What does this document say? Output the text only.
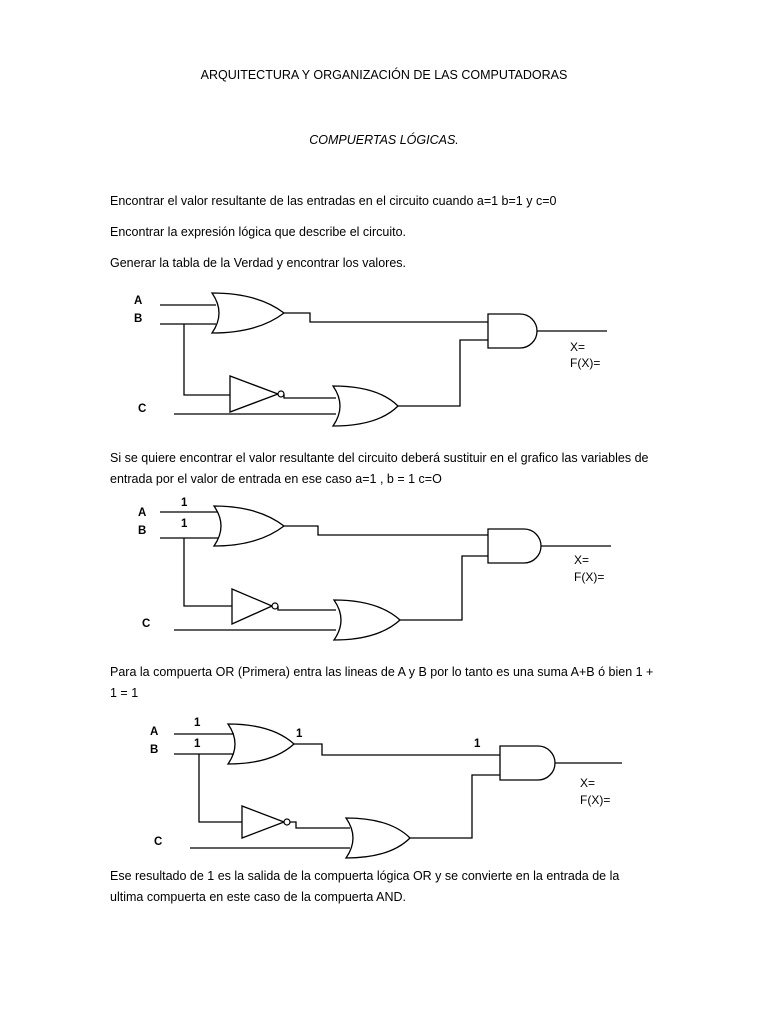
ARQUITECTURA Y ORGANIZACIÓN DE LAS COMPUTADORAS
COMPUERTAS LÓGICAS.
Encontrar el valor resultante de las entradas en el circuito cuando a=1 b=1 y c=0
Encontrar la expresión lógica que describe el circuito.
Generar la tabla de la Verdad y encontrar los valores.
A
B
C
X=
F(X)=
Si se quiere encontrar el valor resultante del circuito deberá sustituir en el grafico las variables de entrada por el valor de entrada en ese caso a=1 , b = 1 c=O
1
1
A
B
C
X=
F(X)=
Para la compuerta OR (Primera) entra las lineas de A y B por lo tanto es una suma A+B ó bien 1 + 1 = 1
1
1
1
1
A
B
C
X=
F(X)=
Ese resultado de 1 es la salida de la compuerta lógica OR y se convierte en la entrada de la ultima compuerta en este caso de la compuerta AND.
